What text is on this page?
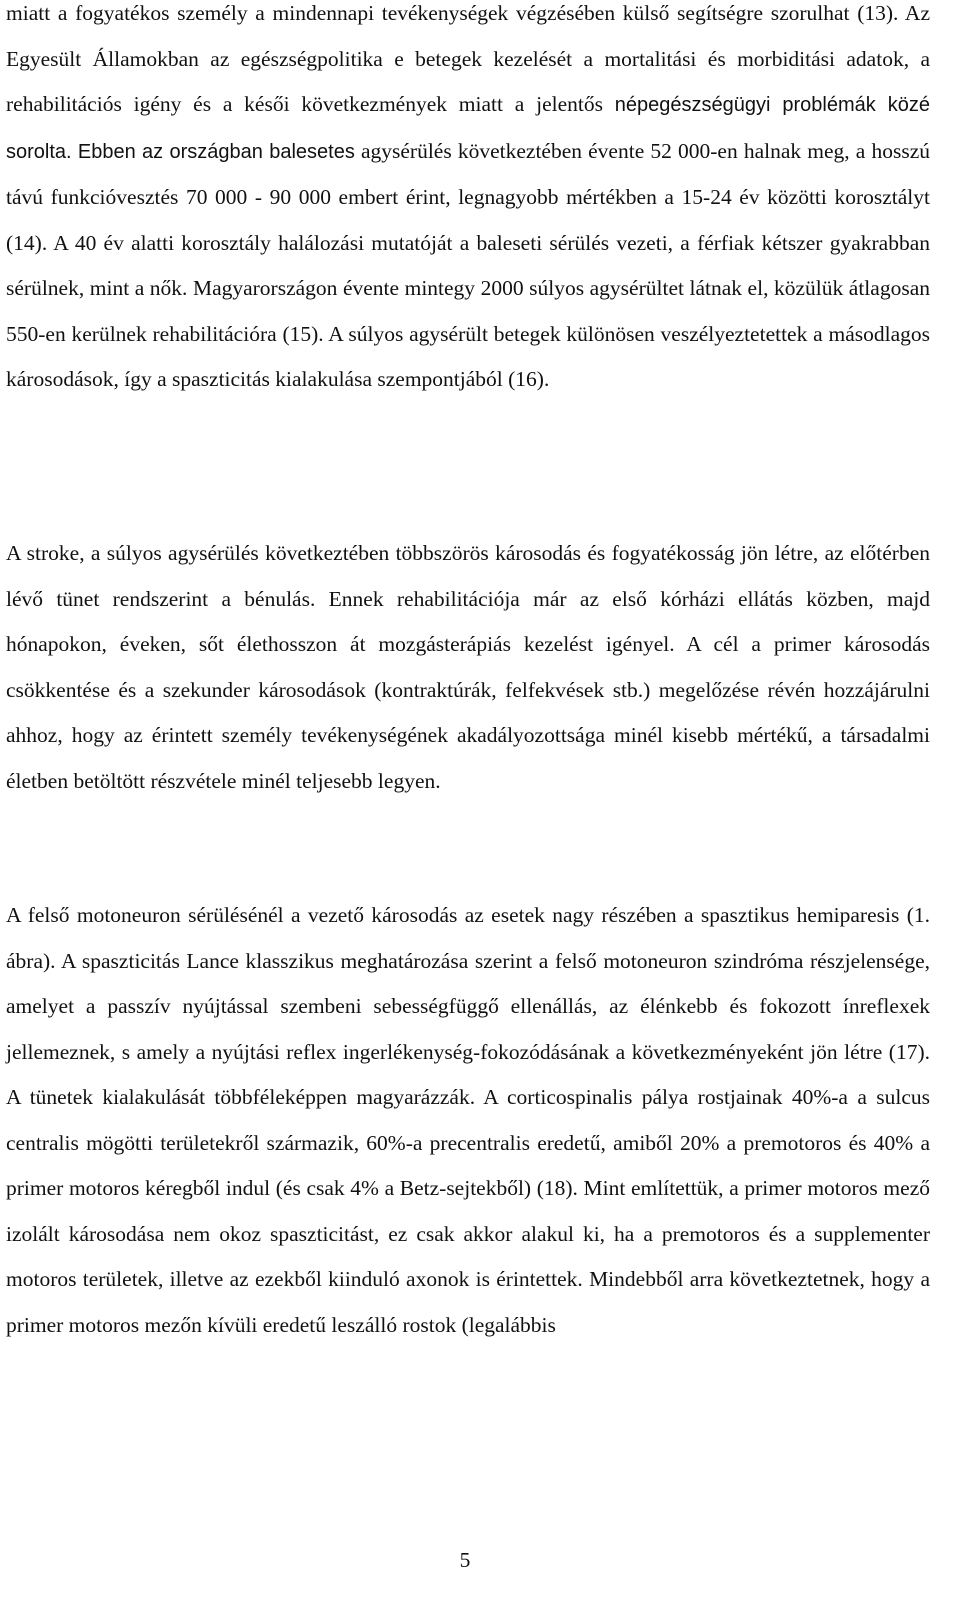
miatt a fogyatékos személy a mindennapi tevékenységek végzésében külső segítségre szorulhat (13). Az Egyesült Államokban az egészségpolitika e betegek kezelését a mortalitási és morbiditási adatok, a rehabilitációs igény és a késői következmények miatt a jelentős népegészségügyi problémák közé sorolta. Ebben az országban balesetes agysérülés következtében évente 52 000-en halnak meg, a hosszú távú funkcióvesztés 70 000 - 90 000 embert érint, legnagyobb mértékben a 15-24 év közötti korosztályt (14). A 40 év alatti korosztály halálozási mutatóját a baleseti sérülés vezeti, a férfiak kétszer gyakrabban sérülnek, mint a nők. Magyarországon évente mintegy 2000 súlyos agysérültet látnak el, közülük átlagosan 550-en kerülnek rehabilitációra (15). A súlyos agysérült betegek különösen veszélyeztetettek a másodlagos károsodások, így a spaszticitás kialakulása szempontjából (16).

A stroke, a súlyos agysérülés következtében többszörös károsodás és fogyatékosság jön létre, az előtérben lévő tünet rendszerint a bénulás. Ennek rehabilitációja már az első kórházi ellátás közben, majd hónapokon, éveken, sőt élethosszon át mozgásterápiás kezelést igényel. A cél a primer károsodás csökkentése és a szekunder károsodások (kontraktúrák, felfekvések stb.) megelőzése révén hozzájárulni ahhoz, hogy az érintett személy tevékenységének akadályozottsága minél kisebb mértékű, a társadalmi életben betöltött részvétele minél teljesebb legyen.

A felső motoneuron sérülésénél a vezető károsodás az esetek nagy részében a spasztikus hemiparesis (1. ábra). A spaszticitás Lance klasszikus meghatározása szerint a felső motoneuron szindróma részjelensége, amelyet a passzív nyújtással szembeni sebességfüggő ellenállás, az élénkebb és fokozott ínreflexek jellemeznek, s amely a nyújtási reflex ingerlékenység-fokozódásának a következményeként jön létre (17). A tünetek kialakulását többféleképpen magyarázzák. A corticospinalis pálya rostjainak 40%-a a sulcus centralis mögötti területekről származik, 60%-a precentralis eredetű, amiből 20% a premotoros és 40% a primer motoros kéregből indul (és csak 4% a Betz-sejtekből) (18). Mint említettük, a primer motoros mező izolált károsodása nem okoz spaszticitást, ez csak akkor alakul ki, ha a premotoros és a supplementer motoros területek, illetve az ezekből kiinduló axonok is érintettek. Mindebből arra következtetnek, hogy a primer motoros mezőn kívüli eredetű leszálló rostok (legalábbis

5
